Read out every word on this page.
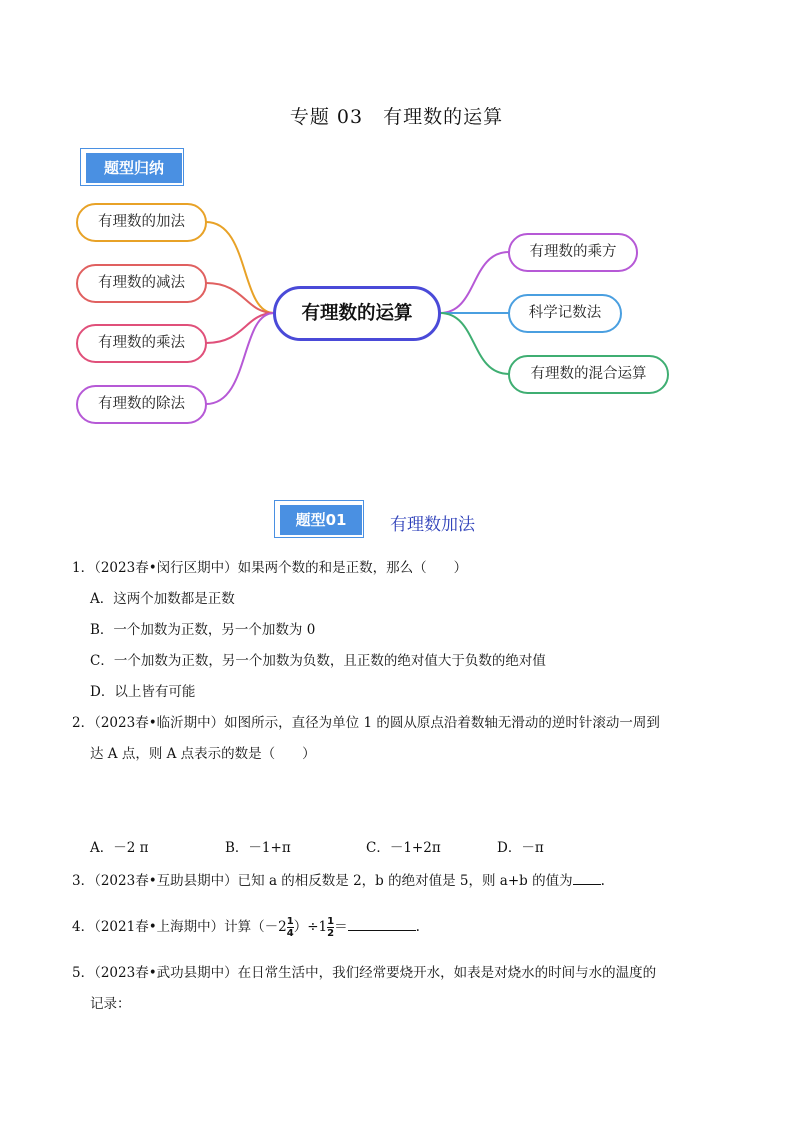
专题 03　有理数的运算
题型归纳
有理数的加法
有理数的减法
有理数的乘法
有理数的除法
有理数的运算
有理数的乘方
科学记数法
有理数的混合运算
题型01	有理数加法
1．（2023春•闵行区期中）如果两个数的和是正数，那么（　　）
A．这两个加数都是正数
B．一个加数为正数，另一个加数为 0
C．一个加数为正数，另一个加数为负数，且正数的绝对值大于负数的绝对值
D．以上皆有可能
2．（2023春•临沂期中）如图所示，直径为单位 1 的圆从原点沿着数轴无滑动的逆时针滚动一周到
达 A 点，则 A 点表示的数是（　　）
A．－2 π	B．－1+π	C．－1+2π	D．－π
3．（2023春•互助县期中）已知 a 的相反数是 2，b 的绝对值是 5，则 a+b 的值为 .
4．（2021春•上海期中）计算$(-2 \frac{1}{4} )\div 1 \frac{1}{2}$ ＝	.
5．（2023春•武功县期中）在日常生活中，我们经常要烧开水，如表是对烧水的时间与水的温度的
记录：
